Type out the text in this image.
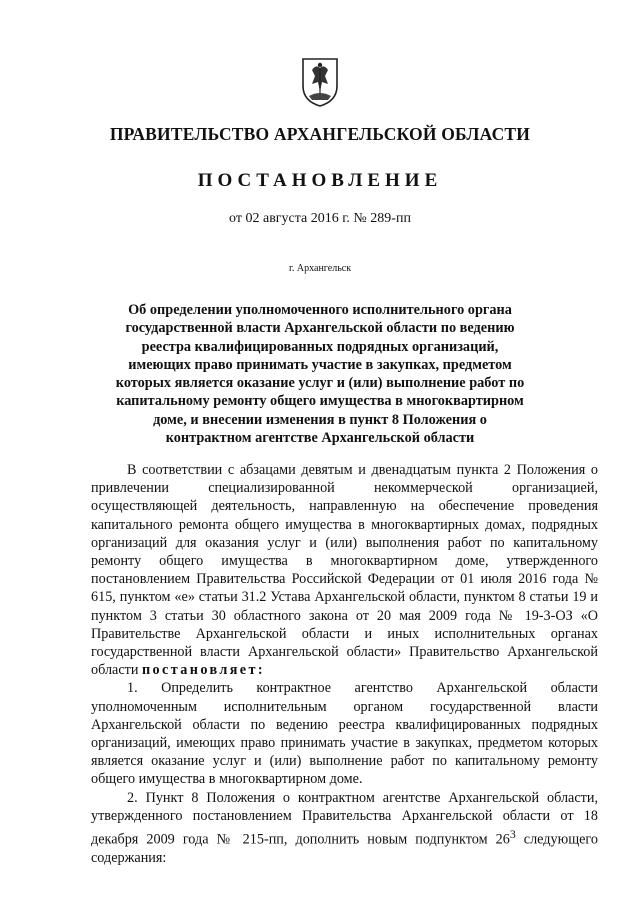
ПРАВИТЕЛЬСТВО АРХАНГЕЛЬСКОЙ ОБЛАСТИ
ПОСТАНОВЛЕНИЕ
от 02 августа 2016 г. № 289-пп
г. Архангельск
Об определении уполномоченного исполнительного органа государственной власти Архангельской области по ведению реестра квалифицированных подрядных организаций, имеющих право принимать участие в закупках, предметом которых является оказание услуг и (или) выполнение работ по капитальному ремонту общего имущества в многоквартирном доме, и внесении изменения в пункт 8 Положения о контрактном агентстве Архангельской области

В соответствии с абзацами девятым и двенадцатым пункта 2 Положения о привлечении специализированной некоммерческой организацией, осуществляющей деятельность, направленную на обеспечение проведения капитального ремонта общего имущества в многоквартирных домах, подрядных организаций для оказания услуг и (или) выполнения работ по капитальному ремонту общего имущества в многоквартирном доме, утвержденного постановлением Правительства Российской Федерации от 01 июля 2016 года № 615, пунктом «е» статьи 31.2 Устава Архангельской области, пунктом 8 статьи 19 и пунктом 3 статьи 30 областного закона от 20 мая 2009 года № 19-3-ОЗ «О Правительстве Архангельской области и иных исполнительных органах государственной власти Архангельской области» Правительство Архангельской области постановляет:

1. Определить контрактное агентство Архангельской области уполномоченным исполнительным органом государственной власти Архангельской области по ведению реестра квалифицированных подрядных организаций, имеющих право принимать участие в закупках, предметом которых является оказание услуг и (или) выполнение работ по капитальному ремонту общего имущества в многоквартирном доме.

2. Пункт 8 Положения о контрактном агентстве Архангельской области, утвержденного постановлением Правительства Архангельской области от 18 декабря 2009 года № 215-пп, дополнить новым подпунктом $26^3$ следующего содержания:
